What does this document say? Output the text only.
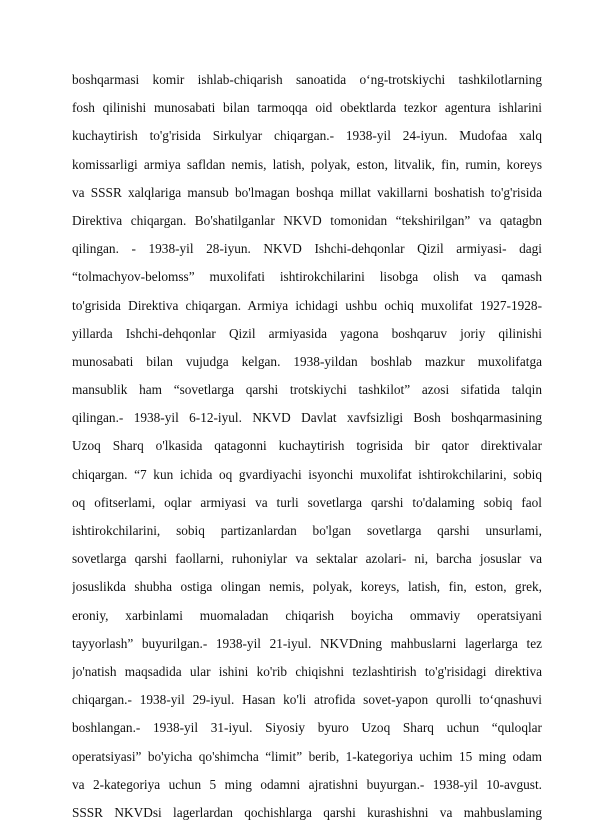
boshqarmasi komir ishlab-chiqarish sanoatida o‘ng-trotskiychi tashkilotlarning
fosh qilinishi munosabati bilan tarmoqqa oid obektlarda tezkor agentura ishlarini
kuchaytirish to'g'risida Sirkulyar chiqargan.- 1938-yil 24-iyun. Mudofaa xalq
komissarligi armiya safldan nemis, latish, polyak, eston, litvalik, fin, rumin, koreys
va SSSR xalqlariga mansub bo'lmagan boshqa millat vakillarni boshatish to'g'risida
Direktiva chiqargan. Bo'shatilganlar NKVD tomonidan “tekshirilgan” va qatagbn
qilingan. - 1938-yil 28-iyun. NKVD Ishchi-dehqonlar Qizil armiyasi- dagi
“tolmachyov-belomss” muxolifati ishtirokchilarini lisobga olish va qamash
to'grisida Direktiva chiqargan. Armiya ichidagi ushbu ochiq muxolifat 1927-1928-
yillarda Ishchi-dehqonlar Qizil armiyasida yagona boshqaruv joriy qilinishi
munosabati bilan vujudga kelgan. 1938-yildan boshlab mazkur muxolifatga
mansublik ham “sovetlarga qarshi trotskiychi tashkilot” azosi sifatida talqin
qilingan.- 1938-yil 6-12-iyul. NKVD Davlat xavfsizligi Bosh boshqarmasining
Uzoq Sharq o'lkasida qatagonni kuchaytirish togrisida bir qator direktivalar
chiqargan. “7 kun ichida oq gvardiyachi isyonchi muxolifat ishtirokchilarini, sobiq
oq ofitserlami, oqlar armiyasi va turli sovetlarga qarshi to'dalaming sobiq faol
ishtirokchilarini, sobiq partizanlardan bo'lgan sovetlarga qarshi unsurlami,
sovetlarga qarshi faollarni, ruhoniylar va sektalar azolari- ni, barcha josuslar va
josuslikda shubha ostiga olingan nemis, polyak, koreys, latish, fin, eston, grek,
eroniy, xarbinlami muomaladan chiqarish boyicha ommaviy operatsiyani
tayyorlash” buyurilgan.- 1938-yil 21-iyul. NKVDning mahbuslarni lagerlarga tez
jo'natish maqsadida ular ishini ko'rib chiqishni tezlashtirish to'g'risidagi direktiva
chiqargan.- 1938-yil 29-iyul. Hasan ko'li atrofida sovet-yapon qurolli to‘qnashuvi
boshlangan.- 1938-yil 31-iyul. Siyosiy byuro Uzoq Sharq uchun “quloqlar
operatsiyasi” bo'yicha qo'shimcha “limit” berib, 1-kategoriya uchim 15 ming odam
va 2-kategoriya uchun 5 ming odamni ajratishni buyurgan.- 1938-yil 10-avgust.
SSSR NKVDsi lagerlardan qochishlarga qarshi kurashishni va mahbuslaming
